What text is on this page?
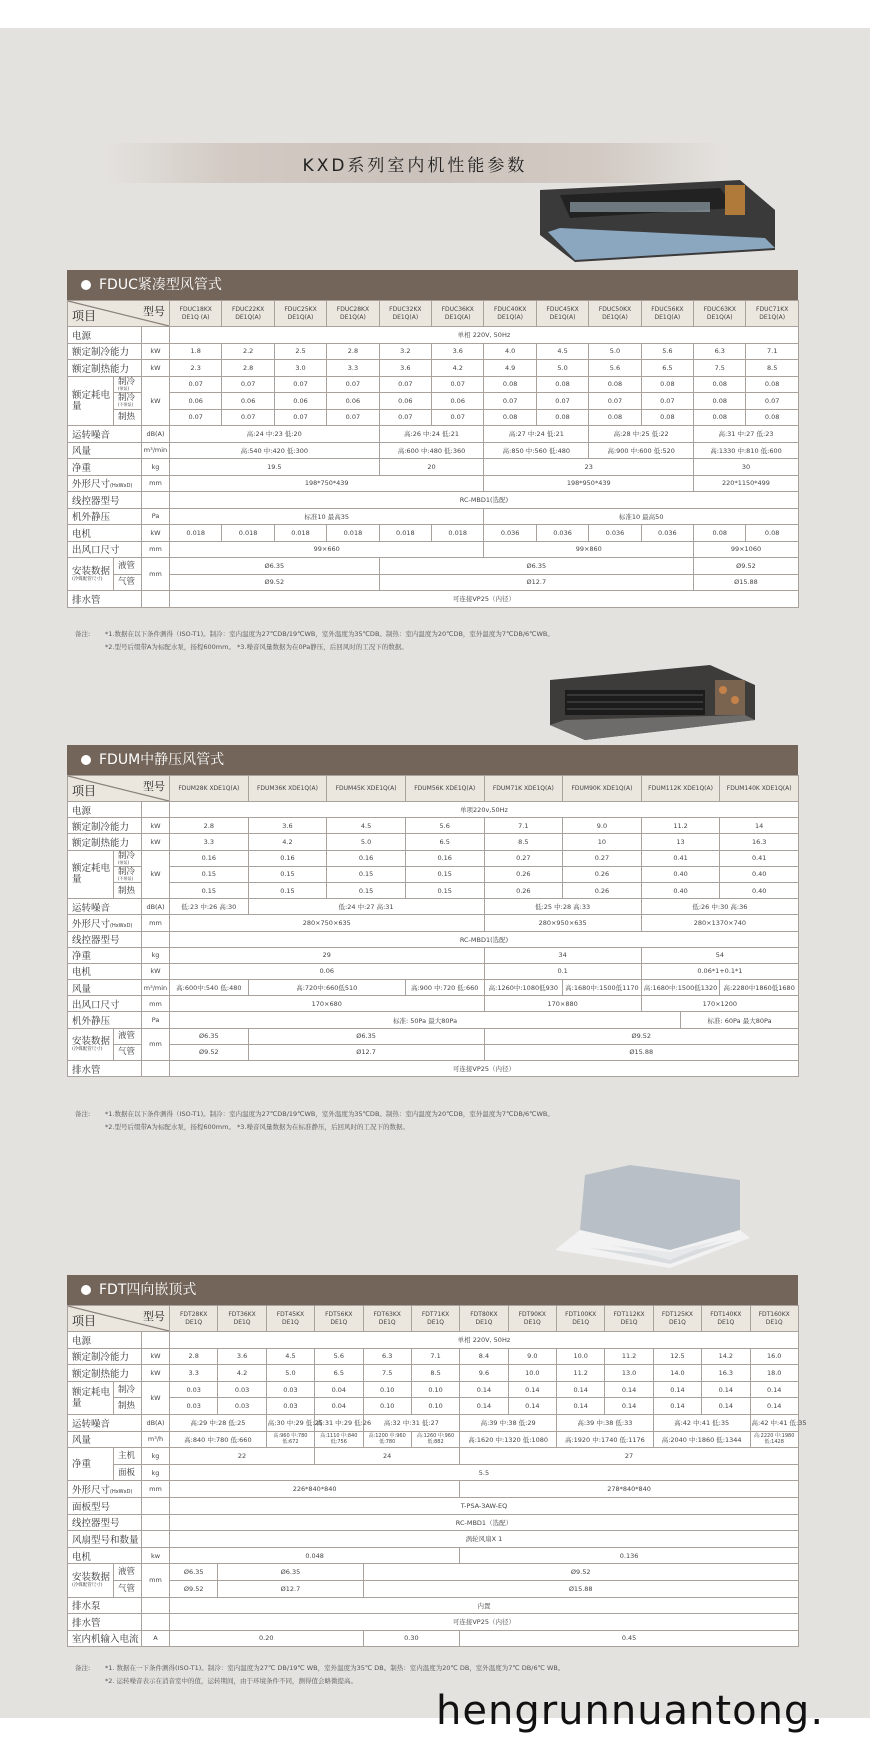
KXD系列室内机性能参数
FDUC紧凑型风管式
项目	型号	FDUC18KX DE1Q (A)	FDUC22KX DE1Q(A)	FDUC25KX DE1Q(A)	FDUC28KX DE1Q(A)	FDUC32KX DE1Q(A)	FDUC36KX DE1Q(A)	FDUC40KX DE1Q(A)	FDUC45KX DE1Q(A)	FDUC50KX DE1Q(A)	FDUC56KX DE1Q(A)	FDUC63KX DE1Q(A)	FDUC71KX DE1Q(A)
电源		单相 220V, 50Hz
额定制冷能力	kW	1.8	2.2	2.5	2.8	3.2	3.6	4.0	4.5	5.0	5.6	6.3	7.1
额定制热能力	kW	2.3	2.8	3.0	3.3	3.6	4.2	4.9	5.0	5.6	6.5	7.5	8.5
额定耗电量	制冷
(带泵)
	kW	0.07	0.07	0.07	0.07	0.07	0.07	0.08	0.08	0.08	0.08	0.08	0.08
制冷
(不带泵)	0.06	0.06	0.06	0.06	0.06	0.06	0.07	0.07	0.07	0.07	0.08	0.07
制热	0.07	0.07	0.07	0.07	0.07	0.07	0.08	0.08	0.08	0.08	0.08	0.08
运转噪音	dB(A)	高:24 中:23 低:20	高:26 中:24 低:21	高:27 中:24 低:21	高:28 中:25 低:22	高:31 中:27 低:23
风量	m³/min	高:540 中:420 低:300	高:600 中:480 低:360	高:850 中:560 低:480	高:900 中:600 低:520	高:1330 中:810 低:600
净重	kg	19.5	20	23	30
外形尺寸(HxWxD)	mm	198*750*439	198*950*439	220*1150*499
线控器型号		RC-MBD1(选配)
机外静压	Pa	标准10 最高35	标准10 最高50
电机	kW	0.018	0.018	0.018	0.018	0.018	0.018	0.036	0.036	0.036	0.036	0.08	0.08
出风口尺寸	mm	99×660	99×860	99×1060
安装数据
(冷媒配管尺寸)
	液管	mm	Ø6.35	Ø6.35	Ø9.52
气管	Ø9.52	Ø12.7	Ø15.88
排水管		可连接VP25（内径）
备注: *1.数据在以下条件测得（ISO-T1)。制冷：室内温度为27℃DB/19℃WB，室外温度为35℃DB。制热：室内温度为20℃DB，室外温度为7℃DB/6℃WB。
*2.型号后缀带A为标配水泵，扬程600mm。 *3.噪音风量数据为在0Pa静压，后回风时的工况下的数据。
FDUM中静压风管式
项目	型号	FDUM28K XDE1Q(A)	FDUM36K XDE1Q(A)	FDUM45K XDE1Q(A)	FDUM56K XDE1Q(A)	FDUM71K XDE1Q(A)	FDUM90K XDE1Q(A)	FDUM112K XDE1Q(A)	FDUM140K XDE1Q(A)
电源		单项220v,50Hz
额定制冷能力	kW	2.8	3.6	4.5	5.6	7.1	9.0	11.2	14
额定制热能力	kW	3.3	4.2	5.0	6.5	8.5	10	13	16.3
额定耗电量	制冷
(带泵)
	kW	0.16	0.16	0.16	0.16	0.27	0.27	0.41	0.41
制冷
(不带泵)	0.15	0.15	0.15	0.15	0.26	0.26	0.40	0.40
制热	0.15	0.15	0.15	0.15	0.26	0.26	0.40	0.40
运转噪音	dB(A)	低:23 中:26 高:30	低:24 中:27 高:31	低:25 中:28 高:33	低:26 中:30 高:36
外形尺寸(HxWxD)	mm	280×750×635	280×950×635	280×1370×740
线控器型号		RC-MBD1(选配)
净重	kg	29	34	54
电机	kW	0.06	0.1	0.06*1+0.1*1
风量	m³/min	高:600中:540 低:480	高:720中:660低510	高:900 中:720 低:660	高:1260中:1080低930	高:1680中:1500低1170	高:1680中:1500低1320	高:2280中1860低1680
出风口尺寸	mm	170×680	170×880	170×1200
机外静压	Pa	标准: 50Pa 最大80Pa	标准: 60Pa 最大80Pa
安装数据
(冷媒配管尺寸)
	液管	mm	Ø6.35	Ø6.35	Ø9.52
气管	Ø9.52	Ø12.7	Ø15.88
排水管		可连接VP25（内径）
备注: *1.数据在以下条件测得（ISO-T1)。制冷：室内温度为27℃DB/19℃WB，室外温度为35℃DB。制热：室内温度为20℃DB，室外温度为7℃DB/6℃WB。
*2.型号后缀带A为标配水泵，扬程600mm。 *3.噪音风量数据为在标准静压，后回风时的工况下的数据。
FDT四向嵌顶式
项目	型号	FDT28KX DE1Q	FDT36KX DE1Q	FDT45KX DE1Q	FDT56KX DE1Q	FDT63KX DE1Q	FDT71KX DE1Q	FDT80KX DE1Q	FDT90KX DE1Q	FDT100KX DE1Q	FDT112KX DE1Q	FDT125KX DE1Q	FDT140KX DE1Q	FDT160KX DE1Q
电源		单相 220V, 50Hz
额定制冷能力	kW	2.8	3.6	4.5	5.6	6.3	7.1	8.4	9.0	10.0	11.2	12.5	14.2	16.0
额定制热能力	kW	3.3	4.2	5.0	6.5	7.5	8.5	9.6	10.0	11.2	13.0	14.0	16.3	18.0
额定耗电量	制冷	kW	0.03	0.03	0.03	0.04	0.10	0.10	0.14	0.14	0.14	0.14	0.14	0.14	0.14
制热	0.03	0.03	0.03	0.04	0.10	0.10	0.14	0.14	0.14	0.14	0.14	0.14	0.14
运转噪音	dB(A)	高:29 中:28 低:25	高:30 中:29 低:25	高:31 中:29 低:26	高:32 中:31 低:27	高:39 中:38 低:29	高:39 中:38 低:33	高:42 中:41 低:35	高:42 中:41 低:35
风量	m³/h	高:840 中:780 低:660	高:960 中:780 低:672	高:1110 中:840 低:756	高:1200 中:960 低:780	高:1260 中:960 低:882	高:1620 中:1320 低:1080	高:1920 中:1740 低:1176	高:2040 中:1860 低:1344	高:2220 中:1980 低:1428
净重	主机	kg	22	24	27
面板	kg	5.5
外形尺寸(HxWxD)	mm	226*840*840	278*840*840
面板型号		T-PSA-3AW-EQ
线控器型号		RC-MBD1（选配）
风扇型号和数量		涡轮风扇X 1
电机	kw	0.048	0.136
安装数据
(冷媒配管尺寸)
	液管	mm	Ø6.35	Ø6.35	Ø9.52
气管	Ø9.52	Ø12.7	Ø15.88
排水泵		内置
排水管		可连接VP25（内径）
室内机输入电流	A	0.20	0.30	0.45
备注: *1. 数据在一下条件测得(ISO-T1)。制冷：室内温度为27℃ DB/19℃ WB，室外温度为35℃ DB。制热：室内温度为20℃ DB，室外温度为7℃ DB/6℃ WB。
*2. 运转噪音表示在消音室中的值，运转期间，由于环境条件不同，测得值会略微提高。
hengrunnuantong.
